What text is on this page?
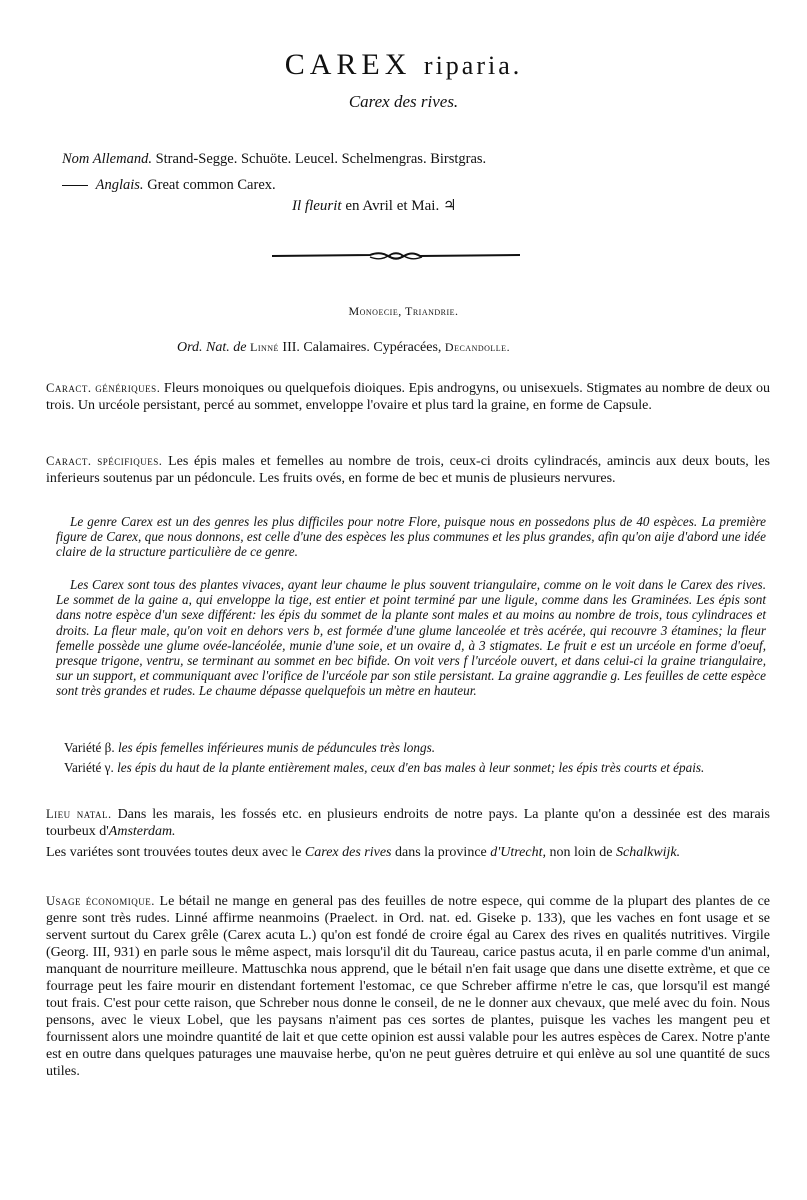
CAREX riparia.
Carex des rives.
Nom Allemand. Strand-Segge. Schuöte. Leucel. Schelmengras. Birstgras.
Anglais. Great common Carex.
Il fleurit en Avril et Mai. ♃
Monoecie, Triandrie.
Ord. Nat. de Linné III. Calamaires. Cypéracées, Decandolle.
Caract. génériques. Fleurs monoiques ou quelquefois dioiques. Epis androgyns, ou unisexuels. Stigmates au nombre de deux ou trois. Un urcéole persistant, percé au sommet, enveloppe l'ovaire et plus tard la graine, en forme de Capsule.
Caract. spécifiques. Les épis males et femelles au nombre de trois, ceux-ci droits cylindracés, amincis aux deux bouts, les inferieurs soutenus par un pédoncule. Les fruits ovés, en forme de bec et munis de plusieurs nervures.
Le genre Carex est un des genres les plus difficiles pour notre Flore, puisque nous en possedons plus de 40 espèces. La première figure de Carex, que nous donnons, est celle d'une des espèces les plus communes et les plus grandes, afin qu'on aije d'abord une idée claire de la structure particulière de ce genre.
Les Carex sont tous des plantes vivaces, ayant leur chaume le plus souvent triangulaire, comme on le voit dans le Carex des rives. Le sommet de la gaine a, qui enveloppe la tige, est entier et point terminé par une ligule, comme dans les Graminées. Les épis sont dans notre espèce d'un sexe différent: les épis du sommet de la plante sont males et au moins au nombre de trois, tous cylindraces et droits. La fleur male, qu'on voit en dehors vers b, est formée d'une glume lanceolée et très acérée, qui recouvre 3 étamines; la fleur femelle possède une glume ovée-lancéolée, munie d'une soie, et un ovaire d, à 3 stigmates. Le fruit e est un urcéole en forme d'oeuf, presque trigone, ventru, se terminant au sommet en bec bifide. On voit vers f l'urcéole ouvert, et dans celui-ci la graine triangulaire, sur un support, et communiquant avec l'orifice de l'urcéole par son stile persistant. La graine aggrandie g. Les feuilles de cette espèce sont très grandes et rudes. Le chaume dépasse quelquefois un mètre en hauteur.
Variété β. les épis femelles inférieures munis de péduncules très longs.
Variété γ. les épis du haut de la plante entièrement males, ceux d'en bas males à leur sonmet; les épis très courts et épais.
Lieu natal. Dans les marais, les fossés etc. en plusieurs endroits de notre pays. La plante qu'on a dessinée est des marais tourbeux d'Amsterdam.
Les variétes sont trouvées toutes deux avec le Carex des rives dans la province d'Utrecht, non loin de Schalkwijk.
Usage économique. Le bétail ne mange en general pas des feuilles de notre espece, qui comme de la plupart des plantes de ce genre sont très rudes. Linné affirme neanmoins (Praelect. in Ord. nat. ed. Giseke p. 133), que les vaches en font usage et se servent surtout du Carex grêle (Carex acuta L.) qu'on est fondé de croire égal au Carex des rives en qualités nutritives. Virgile (Georg. III, 931) en parle sous le même aspect, mais lorsqu'il dit du Taureau, carice pastus acuta, il en parle comme d'un animal, manquant de nourriture meilleure. Mattuschka nous apprend, que le bétail n'en fait usage que dans une disette extrème, et que ce fourrage peut les faire mourir en distendant fortement l'estomac, ce que Schreber affirme n'etre le cas, que lorsqu'il est mangé tout frais. C'est pour cette raison, que Schreber nous donne le conseil, de ne le donner aux chevaux, que melé avec du foin. Nous pensons, avec le vieux Lobel, que les paysans n'aiment pas ces sortes de plantes, puisque les vaches les mangent peu et fournissent alors une moindre quantité de lait et que cette opinion est aussi valable pour les autres espèces de Carex. Notre p'ante est en outre dans quelques paturages une mauvaise herbe, qu'on ne peut guères detruire et qui enlève au sol une quantité de sucs utiles.
